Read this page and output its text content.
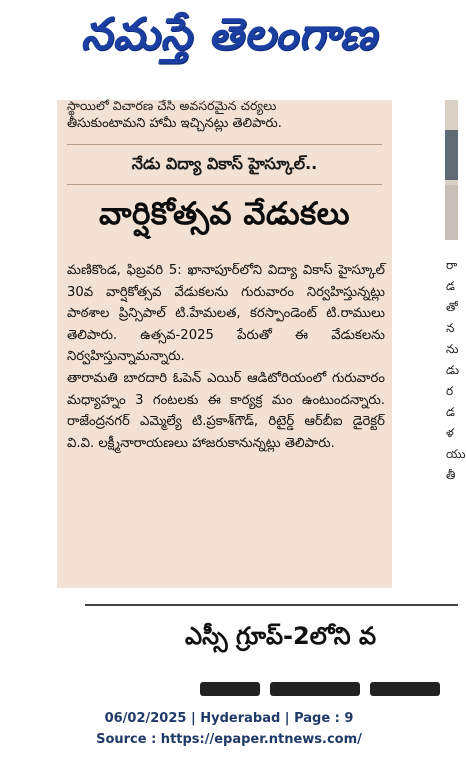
నమస్తే తెలంగాణ
రా
డ
తో
న
ను
డు
ర
డ
ళ
యు
తీ
స్థాయిలో విచారణ చేసి అవసరమైన చర్యలు
తీసుకుంటామని హామీ ఇచ్చినట్లు తెలిపారు.
నేడు విద్యా వికాస్ హైస్కూల్..
వార్షికోత్సవ వేడుకలు

మణికొండ, ఫిబ్రవరి 5: ఖానాపూర్‌లోని విద్యా వికాస్ హైస్కూల్ 30వ వార్షికోత్సవ వేడుకలను గురువారం నిర్వహిస్తున్నట్లు పాఠశాల ప్రిన్సిపాల్ టి.హేమలత, కరస్పాండెంట్ టి.రాములు తెలిపారు. ఉత్సవ-2025 పేరుతో ఈ వేడుకలను నిర్వహిస్తున్నామన్నారు.

తారామతి బారదారి ఓపెన్ ఎయిర్ ఆడిటోరియంలో గురువారం మధ్యాహ్నం 3 గంటలకు ఈ కార్యక్ర మం ఉంటుందన్నారు. రాజేంద్రనగర్ ఎమ్మెల్యే టి.ప్రకాశ్‌గౌడ్, రిటైర్డ్ ఆర్‌బీఐ డైరెక్టర్ వి.వి. లక్ష్మీనారాయణలు హాజరుకానున్నట్లు తెలిపారు.

ఎస్సీ గ్రూప్-2లోని వ
06/02/2025 | Hyderabad | Page : 9
Source : https://epaper.ntnews.com/
